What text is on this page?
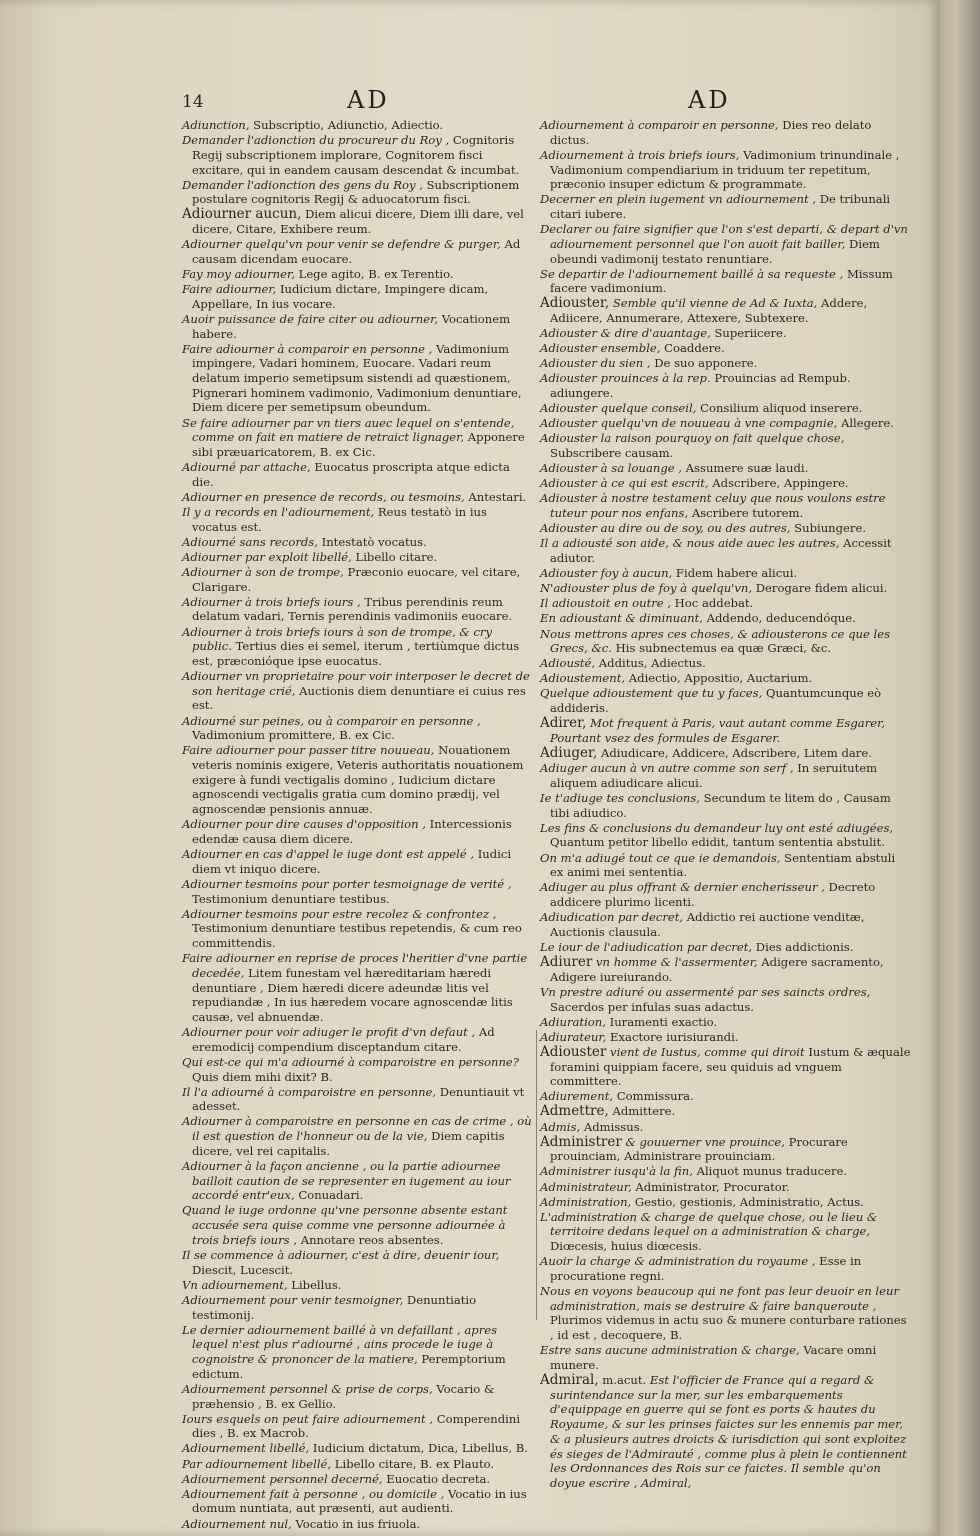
14	AD	AD
Adiunction, Subscriptio, Adiunctio, Adiectio.
Demander l'adionction du procureur du Roy , Cognitoris Regij subscriptionem implorare, Cognitorem fisci excitare, qui in eandem causam descendat & incumbat.
Demander l'adionction des gens du Roy , Subscriptionem postulare cognitoris Regij & aduocatorum fisci.
Adiourner aucun, Diem alicui dicere, Diem illi dare, vel dicere, Citare, Exhibere reum.
Adiourner quelqu'vn pour venir se defendre & purger, Ad causam dicendam euocare.
Fay moy adiourner, Lege agito, B. ex Terentio.
Faire adiourner, Iudicium dictare, Impingere dicam, Appellare, In ius vocare.
Auoir puissance de faire citer ou adiourner, Vocationem habere.
Faire adiourner à comparoir en personne , Vadimonium impingere, Vadari hominem, Euocare. Vadari reum delatum imperio semetipsum sistendi ad quæstionem, Pignerari hominem vadimonio, Vadimonium denuntiare, Diem dicere per semetipsum obeundum.
Se faire adiourner par vn tiers auec lequel on s'entende, comme on fait en matiere de retraict lignager, Apponere sibi præuaricatorem, B. ex Cic.
Adiourné par attache, Euocatus proscripta atque edicta die.
Adiourner en presence de records, ou tesmoins, Antestari.
Il y a records en l'adiournement, Reus testatò in ius vocatus est.
Adiourné sans records, Intestatò vocatus.
Adiourner par exploit libellé, Libello citare.
Adiourner à son de trompe, Præconio euocare, vel citare, Clarigare.
Adiourner à trois briefs iours , Tribus perendinis reum delatum vadari, Ternis perendinis vadimoniis euocare.
Adiourner à trois briefs iours à son de trompe, & cry public. Tertius dies ei semel, iterum , tertiùmque dictus est, præconióque ipse euocatus.
Adiourner vn proprietaire pour voir interposer le decret de son heritage crié, Auctionis diem denuntiare ei cuius res est.
Adiourné sur peines, ou à comparoir en personne , Vadimonium promittere, B. ex Cic.
Faire adiourner pour passer titre nouueau, Nouationem veteris nominis exigere, Veteris authoritatis nouationem exigere à fundi vectigalis domino , Iudicium dictare agnoscendi vectigalis gratia cum domino prædij, vel agnoscendæ pensionis annuæ.
Adiourner pour dire causes d'opposition , Intercessionis edendæ causa diem dicere.
Adiourner en cas d'appel le iuge dont est appelé , Iudici diem vt iniquo dicere.
Adiourner tesmoins pour porter tesmoignage de verité , Testimonium denuntiare testibus.
Adiourner tesmoins pour estre recolez & confrontez , Testimonium denuntiare testibus repetendis, & cum reo committendis.
Faire adiourner en reprise de proces l'heritier d'vne partie decedée, Litem funestam vel hæreditariam hæredi denuntiare , Diem hæredi dicere adeundæ litis vel repudiandæ , In ius hæredem vocare agnoscendæ litis causæ, vel abnuendæ.
Adiourner pour voir adiuger le profit d'vn defaut , Ad eremodicij compendium disceptandum citare.
Qui est-ce qui m'a adiourné à comparoistre en personne? Quis diem mihi dixit? B.
Il l'a adiourné à comparoistre en personne, Denuntiauit vt adesset.
Adiourner à comparoistre en personne en cas de crime , où il est question de l'honneur ou de la vie, Diem capitis dicere, vel rei capitalis.
Adiourner à la façon ancienne , ou la partie adiournee bailloit caution de se representer en iugement au iour accordé entr'eux, Conuadari.
Quand le iuge ordonne qu'vne personne absente estant accusée sera quise comme vne personne adiournée à trois briefs iours , Annotare reos absentes.
Il se commence à adiourner, c'est à dire, deuenir iour, Diescit, Lucescit.
Vn adiournement, Libellus.
Adiournement pour venir tesmoigner, Denuntiatio testimonij.
Le dernier adiournement baillé à vn defaillant , apres lequel n'est plus r'adiourné , ains procede le iuge à cognoistre & prononcer de la matiere, Peremptorium edictum.
Adiournement personnel & prise de corps, Vocario & præhensio , B. ex Gellio.
Iours esquels on peut faire adiournement , Comperendini dies , B. ex Macrob.
Adiournement libellé, Iudicium dictatum, Dica, Libellus, B.
Par adiournement libellé, Libello citare, B. ex Plauto.
Adiournement personnel decerné, Euocatio decreta.
Adiournement fait à personne , ou domicile , Vocatio in ius domum nuntiata, aut præsenti, aut audienti.
Adiournement nul, Vocatio in ius friuola.
Adiournement à comparoir en personne, Dies reo delato dictus.
Adiournement à trois briefs iours, Vadimonium trinundinale , Vadimonium compendiarium in triduum ter repetitum, præconio insuper edictum & programmate.
Decerner en plein iugement vn adiournement , De tribunali citari iubere.
Declarer ou faire signifier que l'on s'est departi, & depart d'vn adiournement personnel que l'on auoit fait bailler, Diem obeundi vadimonij testato renuntiare.
Se departir de l'adiournement baillé à sa requeste , Missum facere vadimonium.
Adiouster, Semble qu'il vienne de Ad & Iuxta, Addere, Adiicere, Annumerare, Attexere, Subtexere.
Adiouster & dire d'auantage, Superiicere.
Adiouster ensemble, Coaddere.
Adiouster du sien , De suo apponere.
Adiouster prouinces à la rep. Prouincias ad Rempub. adiungere.
Adiouster quelque conseil, Consilium aliquod inserere.
Adiouster quelqu'vn de nouueau à vne compagnie, Allegere.
Adiouster la raison pourquoy on fait quelque chose, Subscribere causam.
Adiouster à sa louange , Assumere suæ laudi.
Adiouster à ce qui est escrit, Adscribere, Appingere.
Adiouster à nostre testament celuy que nous voulons estre tuteur pour nos enfans, Ascribere tutorem.
Adiouster au dire ou de soy, ou des autres, Subiungere.
Il a adiousté son aide, & nous aide auec les autres, Accessit adiutor.
Adiouster foy à aucun, Fidem habere alicui.
N'adiouster plus de foy à quelqu'vn, Derogare fidem alicui.
Il adioustoit en outre , Hoc addebat.
En adioustant & diminuant, Addendo, deducendóque.
Nous mettrons apres ces choses, & adiousterons ce que les Grecs, &c. His subnectemus ea quæ Græci, &c.
Adiousté, Additus, Adiectus.
Adioustement, Adiectio, Appositio, Auctarium.
Quelque adioustement que tu y faces, Quantumcunque eò addideris.
Adirer, Mot frequent à Paris, vaut autant comme Esgarer, Pourtant vsez des formules de Esgarer.
Adiuger, Adiudicare, Addicere, Adscribere, Litem dare.
Adiuger aucun à vn autre comme son serf , In seruitutem aliquem adiudicare alicui.
Ie t'adiuge tes conclusions, Secundum te litem do , Causam tibi adiudico.
Les fins & conclusions du demandeur luy ont esté adiugées, Quantum petitor libello edidit, tantum sententia abstulit.
On m'a adiugé tout ce que ie demandois, Sententiam abstuli ex animi mei sententia.
Adiuger au plus offrant & dernier encherisseur , Decreto addicere plurimo licenti.
Adiudication par decret, Addictio rei auctione venditæ, Auctionis clausula.
Le iour de l'adiudication par decret, Dies addictionis.
Adiurer vn homme & l'assermenter, Adigere sacramento, Adigere iureiurando.
Vn prestre adiuré ou assermenté par ses saincts ordres, Sacerdos per infulas suas adactus.
Adiuration, Iuramenti exactio.
Adiurateur, Exactore iurisiurandi.
Adiouster vient de Iustus, comme qui diroit Iustum & æquale foramini quippiam facere, seu quiduis ad vnguem committere.
Adiurement, Commissura.
Admettre, Admittere.
Admis, Admissus.
Administrer & gouuerner vne prouince, Procurare prouinciam, Administrare prouinciam.
Administrer iusqu'à la fin, Aliquot munus traducere.
Administrateur, Administrator, Procurator.
Administration, Gestio, gestionis, Administratio, Actus.
L'administration & charge de quelque chose, ou le lieu & territoire dedans lequel on a administration & charge, Diœcesis, huius diœcesis.
Auoir la charge & administration du royaume , Esse in procuratione regni.
Nous en voyons beaucoup qui ne font pas leur deuoir en leur administration, mais se destruire & faire banqueroute , Plurimos videmus in actu suo & munere conturbare rationes , id est , decoquere, B.
Estre sans aucune administration & charge, Vacare omni munere.
Admiral, m.acut. Est l'officier de France qui a regard & surintendance sur la mer, sur les embarquements d'equippage en guerre qui se font es ports & hautes du Royaume, & sur les prinses faictes sur les ennemis par mer, & a plusieurs autres droicts & iurisdiction qui sont exploitez és sieges de l'Admirauté , comme plus à plein le contiennent les Ordonnances des Rois sur ce faictes. Il semble qu'on doyue escrire , Admiral,
